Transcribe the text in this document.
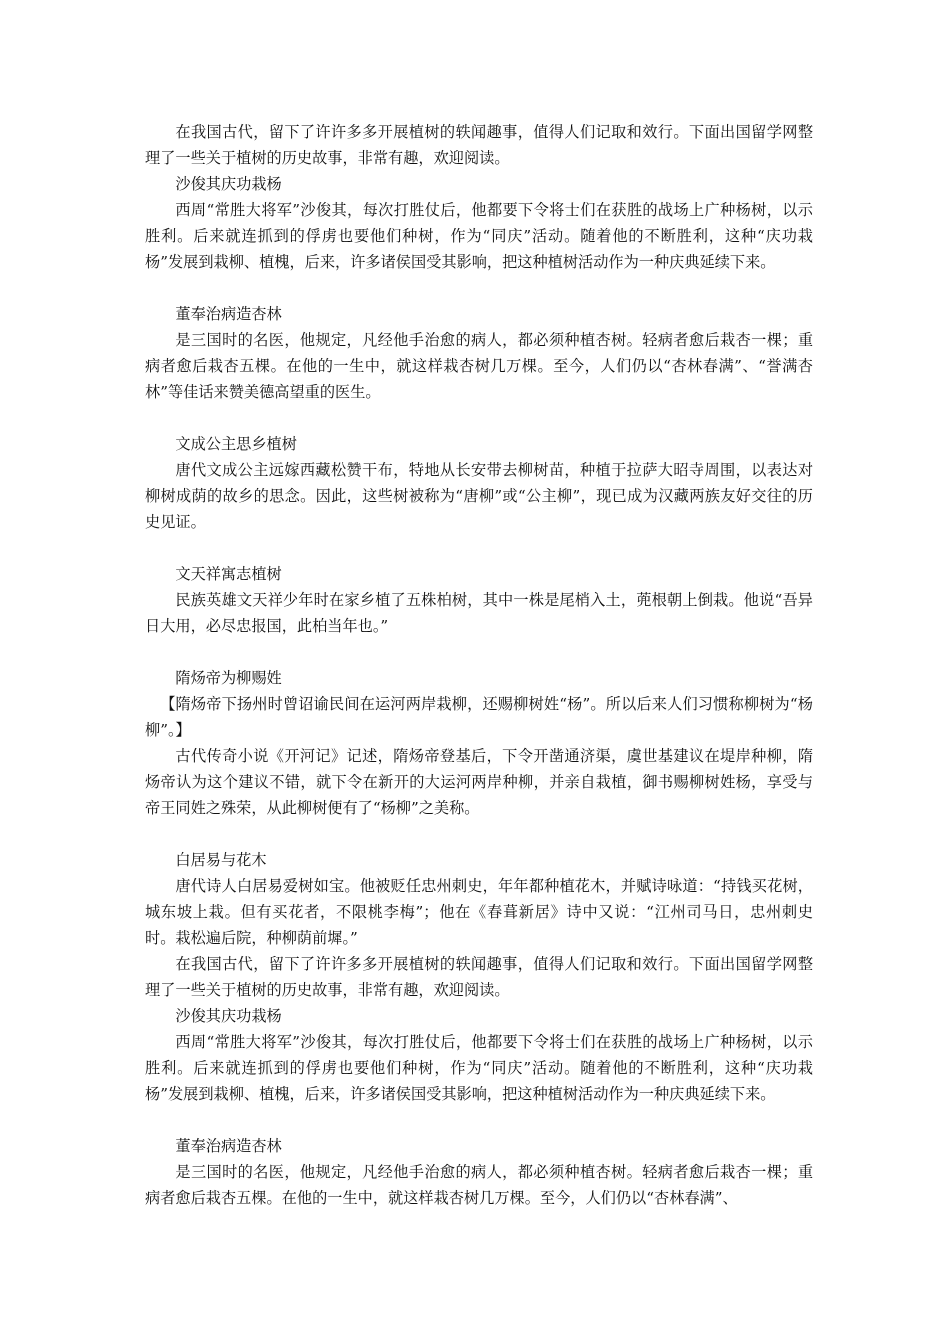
在我国古代，留下了许许多多开展植树的轶闻趣事，值得人们记取和效行。下面出国留学网整理了一些关于植树的历史故事，非常有趣，欢迎阅读。
沙俊其庆功栽杨
西周“常胜大将军”沙俊其，每次打胜仗后，他都要下令将士们在获胜的战场上广种杨树，以示胜利。后来就连抓到的俘虏也要他们种树，作为“同庆”活动。随着他的不断胜利，这种“庆功栽杨”发展到栽柳、植槐，后来，许多诸侯国受其影响，把这种植树活动作为一种庆典延续下来。
董奉治病造杏林
是三国时的名医，他规定，凡经他手治愈的病人，都必须种植杏树。轻病者愈后栽杏一棵；重病者愈后栽杏五棵。在他的一生中，就这样栽杏树几万棵。至今，人们仍以“杏林春满”、“誉满杏林”等佳话来赞美德高望重的医生。
文成公主思乡植树
唐代文成公主远嫁西藏松赞干布，特地从长安带去柳树苗，种植于拉萨大昭寺周围，以表达对柳树成荫的故乡的思念。因此，这些树被称为“唐柳”或“公主柳”，现已成为汉藏两族友好交往的历史见证。
文天祥寓志植树
民族英雄文天祥少年时在家乡植了五株柏树，其中一株是尾梢入土，蔸根朝上倒栽。他说“吾异日大用，必尽忠报国，此柏当年也。”
隋炀帝为柳赐姓
【隋炀帝下扬州时曾诏谕民间在运河两岸栽柳，还赐柳树姓“杨”。所以后来人们习惯称柳树为“杨柳”。】
古代传奇小说《开河记》记述，隋炀帝登基后，下令开凿通济渠，虞世基建议在堤岸种柳，隋炀帝认为这个建议不错，就下令在新开的大运河两岸种柳，并亲自栽植，御书赐柳树姓杨，享受与帝王同姓之殊荣，从此柳树便有了“杨柳”之美称。
白居易与花木
唐代诗人白居易爱树如宝。他被贬任忠州刺史，年年都种植花木，并赋诗咏道：“持钱买花树，城东坡上栽。但有买花者，不限桃李梅”；他在《春葺新居》诗中又说：“江州司马日，忠州刺史时。栽松遍后院，种柳荫前墀。”
在我国古代，留下了许许多多开展植树的轶闻趣事，值得人们记取和效行。下面出国留学网整理了一些关于植树的历史故事，非常有趣，欢迎阅读。
沙俊其庆功栽杨
西周“常胜大将军”沙俊其，每次打胜仗后，他都要下令将士们在获胜的战场上广种杨树，以示胜利。后来就连抓到的俘虏也要他们种树，作为“同庆”活动。随着他的不断胜利，这种“庆功栽杨”发展到栽柳、植槐，后来，许多诸侯国受其影响，把这种植树活动作为一种庆典延续下来。
董奉治病造杏林
是三国时的名医，他规定，凡经他手治愈的病人，都必须种植杏树。轻病者愈后栽杏一棵；重病者愈后栽杏五棵。在他的一生中，就这样栽杏树几万棵。至今，人们仍以“杏林春满”、
